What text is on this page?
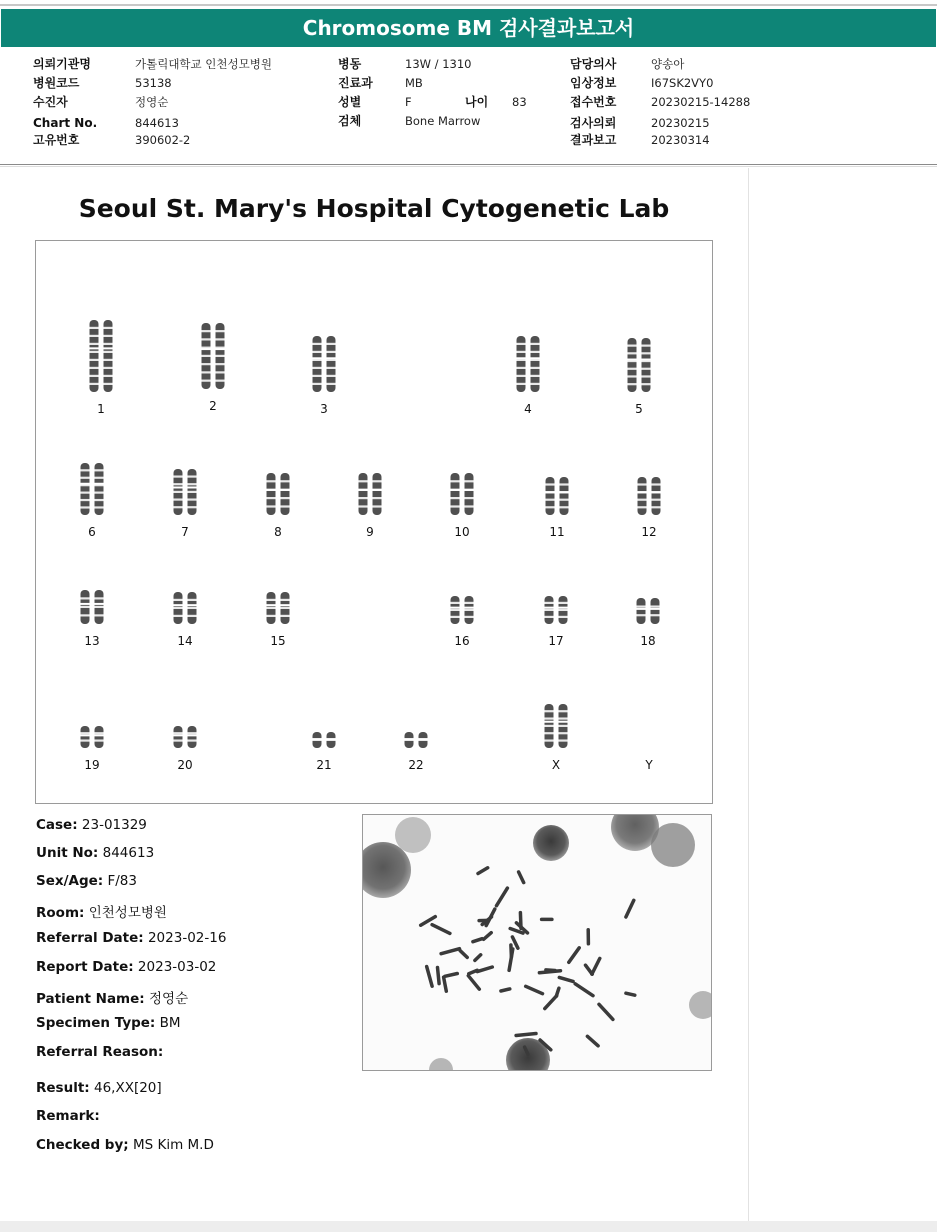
Chromosome BM 검사결과보고서
의뢰기관명	가톨릭대학교 인천성모병원
병원코드	53138
수진자	정영순
Chart No.	844613
고유번호	390602-2
병동	13W / 1310
진료과	MB
성별	F	나이 83
검체	Bone Marrow
담당의사	양송아
임상정보	I67SK2VY0
접수번호	20230215-14288
검사의뢰	20230215
결과보고	20230314
Seoul St. Mary's Hospital Cytogenetic Lab
1	2	3	4	5
6	7	8	9	10	11	12
13	14	15	16	17	18
19	20	21	22	X	Y
Case: 23-01329
Unit No: 844613
Sex/Age: F/83
Room: 인천성모병원
Referral Date: 2023-02-16
Report Date: 2023-03-02
Patient Name: 정영순
Specimen Type: BM
Referral Reason:
Result: 46,XX[20]
Remark:
Checked by; MS Kim M.D
